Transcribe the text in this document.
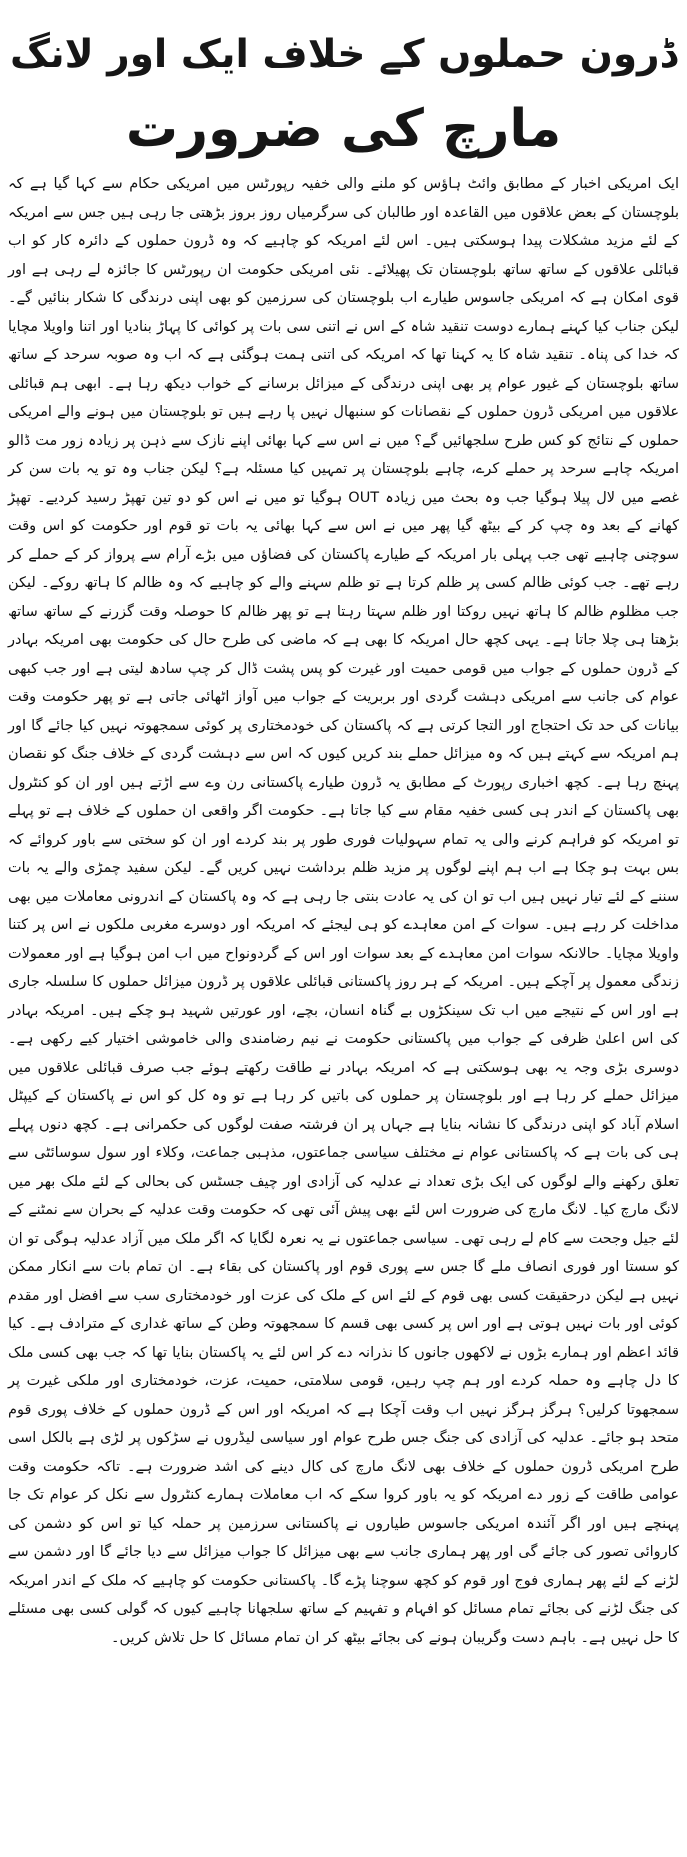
ڈرون حملوں کے خلاف ایک اور لانگ
مارچ کی ضرورت

ایک امریکی اخبار کے مطابق وائٹ ہاؤس کو ملنے والی خفیہ رپورٹس میں امریکی حکام سے کہا گیا ہے کہ بلوچستان کے بعض علاقوں میں القاعدہ اور طالبان کی سرگرمیاں روز بروز بڑھتی جا رہی ہیں جس سے امریکہ کے لئے مزید مشکلات پیدا ہوسکتی ہیں۔ اس لئے امریکہ کو چاہیے کہ وہ ڈرون حملوں کے دائرہ کار کو اب قبائلی علاقوں کے ساتھ ساتھ بلوچستان تک پھیلائے۔ نئی امریکی حکومت ان رپورٹس کا جائزہ لے رہی ہے اور قوی امکان ہے کہ امریکی جاسوس طیارے اب بلوچستان کی سرزمین کو بھی اپنی درندگی کا شکار بنائیں گے۔ لیکن جناب کیا کہنے ہمارے دوست تنقید شاہ کے اس نے اتنی سی بات پر کوائی کا پہاڑ بنادیا اور اتنا واویلا مچایا کہ خدا کی پناہ۔ تنقید شاہ کا یہ کہنا تھا کہ امریکہ کی اتنی ہمت ہوگئی ہے کہ اب وہ صوبہ سرحد کے ساتھ ساتھ بلوچستان کے غیور عوام پر بھی اپنی درندگی کے میزائل برسانے کے خواب دیکھ رہا ہے۔ ابھی ہم قبائلی علاقوں میں امریکی ڈرون حملوں کے نقصانات کو سنبھال نہیں پا رہے ہیں تو بلوچستان میں ہونے والے امریکی حملوں کے نتائج کو کس طرح سلجھائیں گے؟ میں نے اس سے کہا بھائی اپنے نازک سے ذہن پر زیادہ زور مت ڈالو امریکہ چاہے سرحد پر حملے کرے، چاہے بلوچستان پر تمہیں کیا مسئلہ ہے؟ لیکن جناب وہ تو یہ بات سن کر غصے میں لال پیلا ہوگیا جب وہ بحث میں زیادہ OUT ہوگیا تو میں نے اس کو دو تین تھپڑ رسید کردیے۔ تھپڑ کھانے کے بعد وہ چپ کر کے بیٹھ گیا پھر میں نے اس سے کہا بھائی یہ بات تو قوم اور حکومت کو اس وقت سوچنی چاہیے تھی جب پہلی بار امریکہ کے طیارے پاکستان کی فضاؤں میں بڑے آرام سے پرواز کر کے حملے کر رہے تھے۔ جب کوئی ظالم کسی پر ظلم کرتا ہے تو ظلم سہنے والے کو چاہیے کہ وہ ظالم کا ہاتھ روکے۔ لیکن جب مظلوم ظالم کا ہاتھ نہیں روکتا اور ظلم سہتا رہتا ہے تو پھر ظالم کا حوصلہ وقت گزرنے کے ساتھ ساتھ بڑھتا ہی چلا جاتا ہے۔ یہی کچھ حال امریکہ کا بھی ہے کہ ماضی کی طرح حال کی حکومت بھی امریکہ بہادر کے ڈرون حملوں کے جواب میں قومی حمیت اور غیرت کو پس پشت ڈال کر چپ سادھ لیتی ہے اور جب کبھی عوام کی جانب سے امریکی دہشت گردی اور بربریت کے جواب میں آواز اٹھائی جاتی ہے تو پھر حکومت وقت بیانات کی حد تک احتجاج اور التجا کرتی ہے کہ پاکستان کی خودمختاری پر کوئی سمجھوتہ نہیں کیا جائے گا اور ہم امریکہ سے کہتے ہیں کہ وہ میزائل حملے بند کریں کیوں کہ اس سے دہشت گردی کے خلاف جنگ کو نقصان پہنچ رہا ہے۔ کچھ اخباری رپورٹ کے مطابق یہ ڈرون طیارے پاکستانی رن وے سے اڑتے ہیں اور ان کو کنٹرول بھی پاکستان کے اندر ہی کسی خفیہ مقام سے کیا جاتا ہے۔ حکومت اگر واقعی ان حملوں کے خلاف ہے تو پہلے تو امریکہ کو فراہم کرنے والی یہ تمام سہولیات فوری طور پر بند کردے اور ان کو سختی سے باور کروائے کہ بس بہت ہو چکا ہے اب ہم اپنے لوگوں پر مزید ظلم برداشت نہیں کریں گے۔ لیکن سفید چمڑی والے یہ بات سننے کے لئے تیار نہیں ہیں اب تو ان کی یہ عادت بنتی جا رہی ہے کہ وہ پاکستان کے اندرونی معاملات میں بھی مداخلت کر رہے ہیں۔ سوات کے امن معاہدے کو ہی لیجئے کہ امریکہ اور دوسرے مغربی ملکوں نے اس پر کتنا واویلا مچایا۔ حالانکہ سوات امن معاہدے کے بعد سوات اور اس کے گردونواح میں اب امن ہوگیا ہے اور معمولات زندگی معمول پر آچکے ہیں۔ امریکہ کے ہر روز پاکستانی قبائلی علاقوں پر ڈرون میزائل حملوں کا سلسلہ جاری ہے اور اس کے نتیجے میں اب تک سینکڑوں بے گناہ انسان، بچے، اور عورتیں شہید ہو چکے ہیں۔ امریکہ بہادر کی اس اعلیٰ ظرفی کے جواب میں پاکستانی حکومت نے نیم رضامندی والی خاموشی اختیار کیے رکھی ہے۔ دوسری بڑی وجہ یہ بھی ہوسکتی ہے کہ امریکہ بہادر نے طاقت رکھتے ہوئے جب صرف قبائلی علاقوں میں میزائل حملے کر رہا ہے اور بلوچستان پر حملوں کی باتیں کر رہا ہے تو وہ کل کو اس نے پاکستان کے کیپٹل اسلام آباد کو اپنی درندگی کا نشانہ بنایا ہے جہاں پر ان فرشتہ صفت لوگوں کی حکمرانی ہے۔ کچھ دنوں پہلے ہی کی بات ہے کہ پاکستانی عوام نے مختلف سیاسی جماعتوں، مذہبی جماعت، وکلاء اور سول سوسائٹی سے تعلق رکھنے والے لوگوں کی ایک بڑی تعداد نے عدلیہ کی آزادی اور چیف جسٹس کی بحالی کے لئے ملک بھر میں لانگ مارچ کیا۔ لانگ مارچ کی ضرورت اس لئے بھی پیش آئی تھی کہ حکومت وقت عدلیہ کے بحران سے نمٹنے کے لئے جیل وجحت سے کام لے رہی تھی۔ سیاسی جماعتوں نے یہ نعرہ لگایا کہ اگر ملک میں آزاد عدلیہ ہوگی تو ان کو سستا اور فوری انصاف ملے گا جس سے پوری قوم اور پاکستان کی بقاء ہے۔ ان تمام بات سے انکار ممکن نہیں ہے لیکن درحقیقت کسی بھی قوم کے لئے اس کے ملک کی عزت اور خودمختاری سب سے افضل اور مقدم کوئی اور بات نہیں ہوتی ہے اور اس پر کسی بھی قسم کا سمجھوتہ وطن کے ساتھ غداری کے مترادف ہے۔ کیا قائد اعظم اور ہمارے بڑوں نے لاکھوں جانوں کا نذرانہ دے کر اس لئے یہ پاکستان بنایا تھا کہ جب بھی کسی ملک کا دل چاہے وہ حملہ کردے اور ہم چپ رہیں، قومی سلامتی، حمیت، عزت، خودمختاری اور ملکی غیرت پر سمجھوتا کرلیں؟ ہرگز ہرگز نہیں اب وقت آچکا ہے کہ امریکہ اور اس کے ڈرون حملوں کے خلاف پوری قوم متحد ہو جائے۔ عدلیہ کی آزادی کی جنگ جس طرح عوام اور سیاسی لیڈروں نے سڑکوں پر لڑی ہے بالکل اسی طرح امریکی ڈرون حملوں کے خلاف بھی لانگ مارچ کی کال دینے کی اشد ضرورت ہے۔ تاکہ حکومت وقت عوامی طاقت کے زور دے امریکہ کو یہ باور کروا سکے کہ اب معاملات ہمارے کنٹرول سے نکل کر عوام تک جا پہنچے ہیں اور اگر آئندہ امریکی جاسوس طیاروں نے پاکستانی سرزمین پر حملہ کیا تو اس کو دشمن کی کاروائی تصور کی جائے گی اور پھر ہماری جانب سے بھی میزائل کا جواب میزائل سے دیا جائے گا اور دشمن سے لڑنے کے لئے پھر ہماری فوج اور قوم کو کچھ سوچنا پڑے گا۔ پاکستانی حکومت کو چاہیے کہ ملک کے اندر امریکہ کی جنگ لڑنے کی بجائے تمام مسائل کو افہام و تفہیم کے ساتھ سلجھانا چاہیے کیوں کہ گولی کسی بھی مسئلے کا حل نہیں ہے۔ باہم دست وگریبان ہونے کی بجائے بیٹھ کر ان تمام مسائل کا حل تلاش کریں۔
